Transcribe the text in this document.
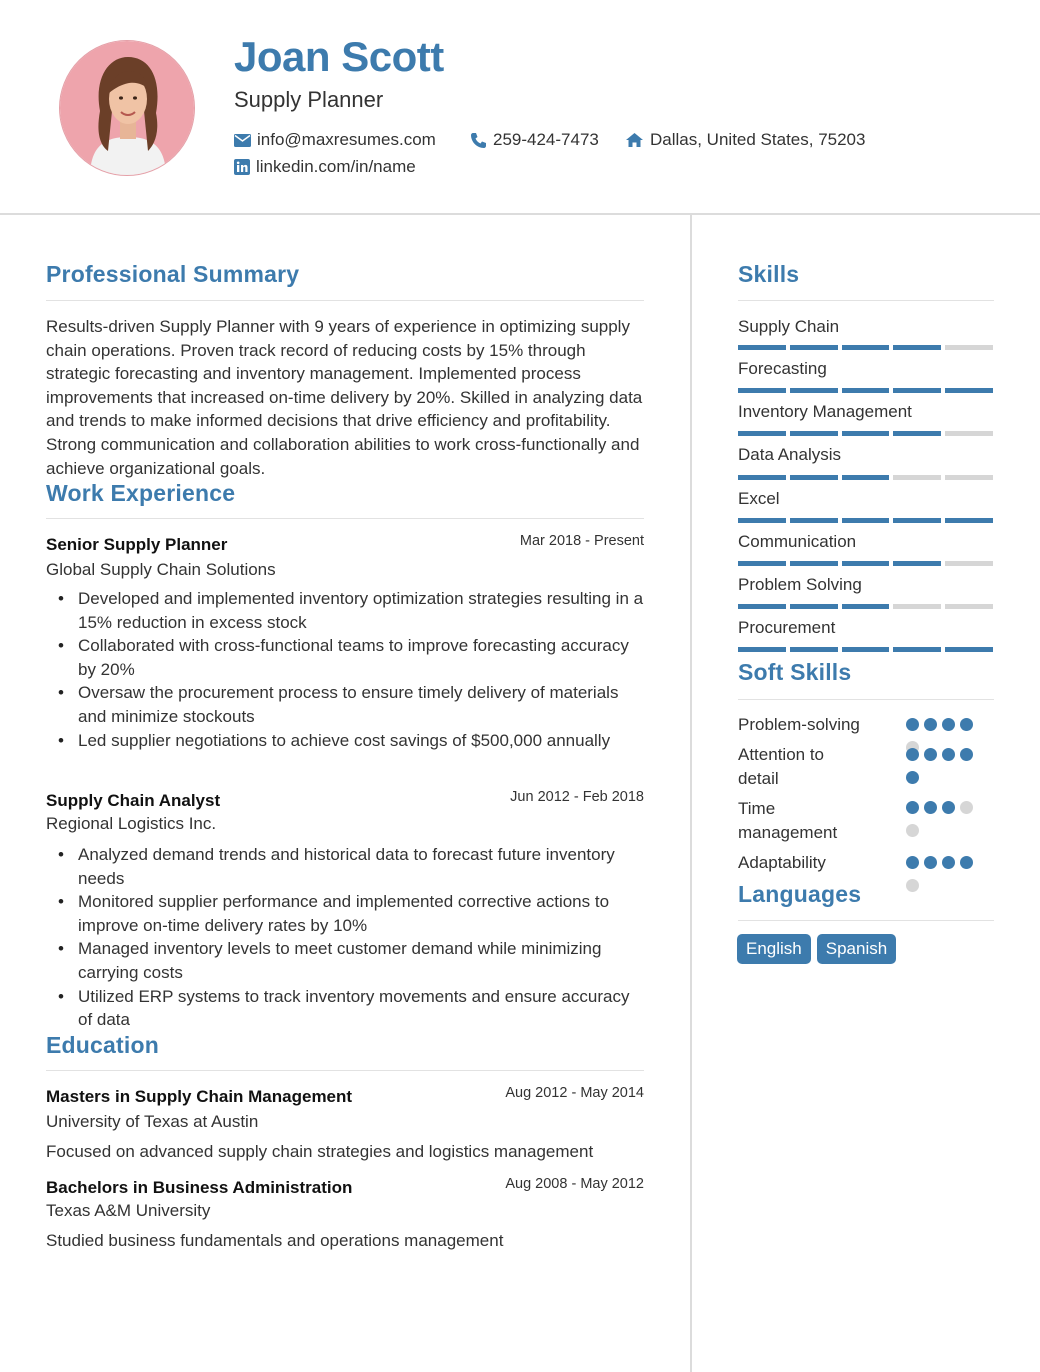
Joan Scott
Supply Planner
info@maxresumes.com	259-424-7473	Dallas, United States, 75203
linkedin.com/in/name
Professional Summary

Results-driven Supply Planner with 9 years of experience in optimizing supply chain operations. Proven track record of reducing costs by 15% through strategic forecasting and inventory management. Implemented process improvements that increased on-time delivery by 20%. Skilled in analyzing data and trends to make informed decisions that drive efficiency and profitability. Strong communication and collaboration abilities to work cross-functionally and achieve organizational goals.

Work Experience
Senior Supply Planner	Mar 2018 - Present
Global Supply Chain Solutions
• Developed and implemented inventory optimization strategies resulting in a 15% reduction in excess stock
• Collaborated with cross-functional teams to improve forecasting accuracy by 20%
• Oversaw the procurement process to ensure timely delivery of materials and minimize stockouts
• Led supplier negotiations to achieve cost savings of $500,000 annually
Supply Chain Analyst	Jun 2012 - Feb 2018
Regional Logistics Inc.
• Analyzed demand trends and historical data to forecast future inventory needs
• Monitored supplier performance and implemented corrective actions to improve on-time delivery rates by 10%
• Managed inventory levels to meet customer demand while minimizing carrying costs
• Utilized ERP systems to track inventory movements and ensure accuracy of data
Education
Masters in Supply Chain Management	Aug 2012 - May 2014
University of Texas at Austin
Focused on advanced supply chain strategies and logistics management
Bachelors in Business Administration	Aug 2008 - May 2012
Texas A&M University
Studied business fundamentals and operations management
Skills
Supply Chain
Forecasting
Inventory Management
Data Analysis
Excel
Communication
Problem Solving
Procurement
Soft Skills
Problem-solving
Attention to detail
Time management
Adaptability
Languages
English	Spanish
